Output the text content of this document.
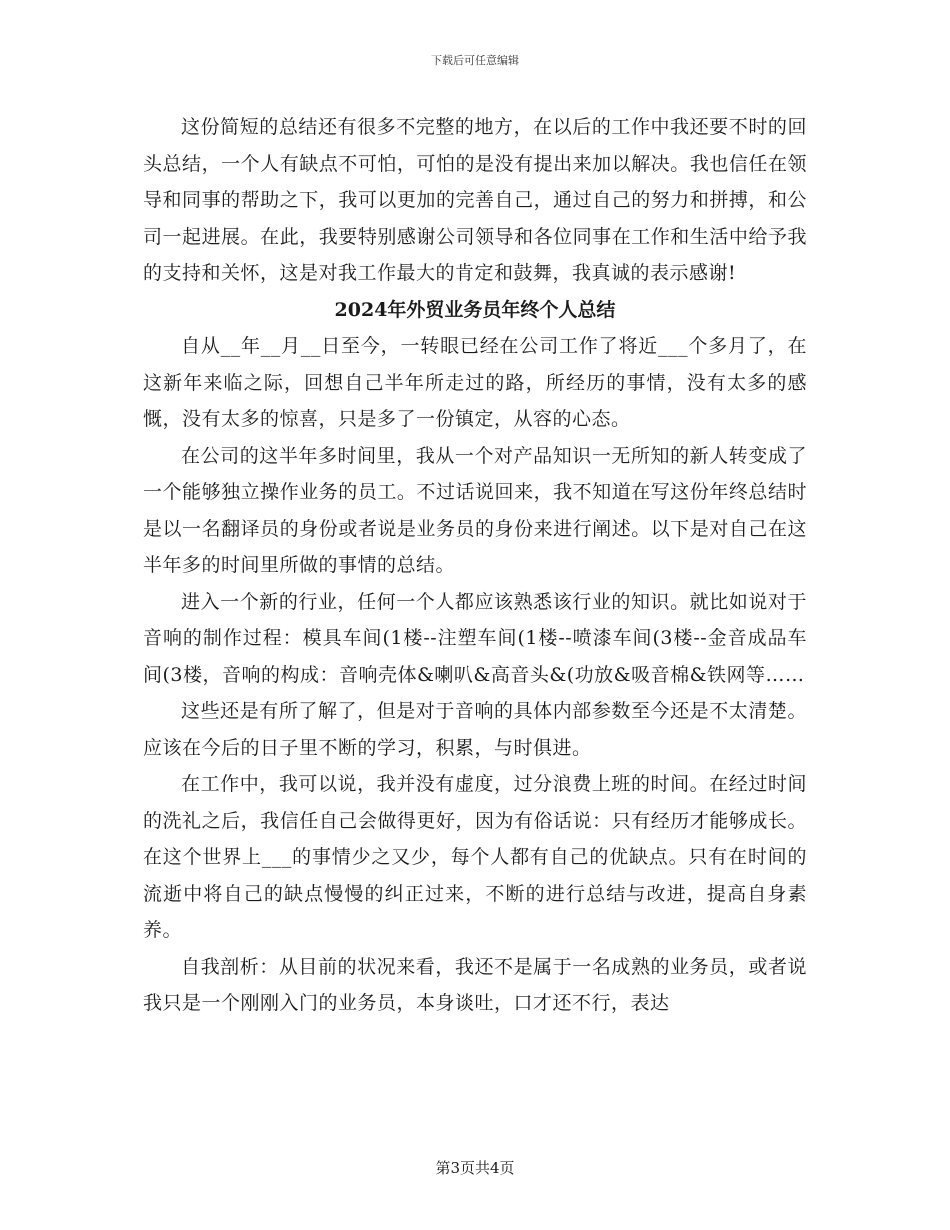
下载后可任意编辑

这份简短的总结还有很多不完整的地方，在以后的工作中我还要不时的回头总结，一个人有缺点不可怕，可怕的是没有提出来加以解决。我也信任在领导和同事的帮助之下，我可以更加的完善自己，通过自己的努力和拼搏，和公司一起进展。在此，我要特别感谢公司领导和各位同事在工作和生活中给予我的支持和关怀，这是对我工作最大的肯定和鼓舞，我真诚的表示感谢!

2024年外贸业务员年终个人总结

自从__年__月__日至今，一转眼已经在公司工作了将近___个多月了，在这新年来临之际，回想自己半年所走过的路，所经历的事情，没有太多的感慨，没有太多的惊喜，只是多了一份镇定，从容的心态。

在公司的这半年多时间里，我从一个对产品知识一无所知的新人转变成了一个能够独立操作业务的员工。不过话说回来，我不知道在写这份年终总结时是以一名翻译员的身份或者说是业务员的身份来进行阐述。以下是对自己在这半年多的时间里所做的事情的总结。

进入一个新的行业，任何一个人都应该熟悉该行业的知识。就比如说对于音响的制作过程：模具车间(1楼--注塑车间(1楼--喷漆车间(3楼--金音成品车间(3楼，音响的构成：音响壳体&喇叭&高音头&(功放&吸音棉&铁网等……

这些还是有所了解了，但是对于音响的具体内部参数至今还是不太清楚。应该在今后的日子里不断的学习，积累，与时俱进。

在工作中，我可以说，我并没有虚度，过分浪费上班的时间。在经过时间的洗礼之后，我信任自己会做得更好，因为有俗话说：只有经历才能够成长。在这个世界上___的事情少之又少，每个人都有自己的优缺点。只有在时间的流逝中将自己的缺点慢慢的纠正过来，不断的进行总结与改进，提高自身素养。

自我剖析：从目前的状况来看，我还不是属于一名成熟的业务员，或者说我只是一个刚刚入门的业务员，本身谈吐，口才还不行，表达

第3页共4页
